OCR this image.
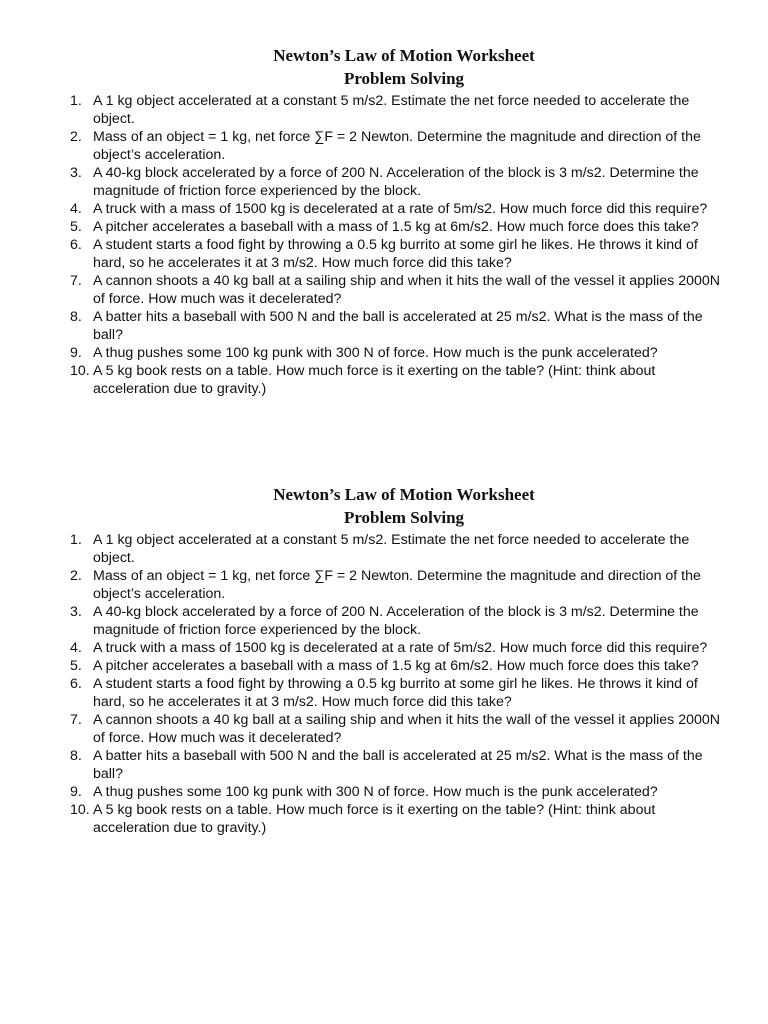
Newton’s Law of Motion Worksheet
Problem Solving
1. A 1 kg object accelerated at a constant 5 m/s2. Estimate the net force needed to accelerate the object.
2. Mass of an object = 1 kg, net force ∑F = 2 Newton. Determine the magnitude and direction of the object’s acceleration.
3. A 40-kg block accelerated by a force of 200 N. Acceleration of the block is 3 m/s2. Determine the magnitude of friction force experienced by the block.
4. A truck with a mass of 1500 kg is decelerated at a rate of 5m/s2. How much force did this require?
5. A pitcher accelerates a baseball with a mass of 1.5 kg at 6m/s2. How much force does this take?
6. A student starts a food fight by throwing a 0.5 kg burrito at some girl he likes. He throws it kind of hard, so he accelerates it at 3 m/s2. How much force did this take?
7. A cannon shoots a 40 kg ball at a sailing ship and when it hits the wall of the vessel it applies 2000N of force. How much was it decelerated?
8. A batter hits a baseball with 500 N and the ball is accelerated at 25 m/s2. What is the mass of the ball?
9. A thug pushes some 100 kg punk with 300 N of force. How much is the punk accelerated?
10. A 5 kg book rests on a table. How much force is it exerting on the table? (Hint: think about acceleration due to gravity.)
Newton’s Law of Motion Worksheet
Problem Solving
1. A 1 kg object accelerated at a constant 5 m/s2. Estimate the net force needed to accelerate the object.
2. Mass of an object = 1 kg, net force ∑F = 2 Newton. Determine the magnitude and direction of the object’s acceleration.
3. A 40-kg block accelerated by a force of 200 N. Acceleration of the block is 3 m/s2. Determine the magnitude of friction force experienced by the block.
4. A truck with a mass of 1500 kg is decelerated at a rate of 5m/s2. How much force did this require?
5. A pitcher accelerates a baseball with a mass of 1.5 kg at 6m/s2. How much force does this take?
6. A student starts a food fight by throwing a 0.5 kg burrito at some girl he likes. He throws it kind of hard, so he accelerates it at 3 m/s2. How much force did this take?
7. A cannon shoots a 40 kg ball at a sailing ship and when it hits the wall of the vessel it applies 2000N of force. How much was it decelerated?
8. A batter hits a baseball with 500 N and the ball is accelerated at 25 m/s2. What is the mass of the ball?
9. A thug pushes some 100 kg punk with 300 N of force. How much is the punk accelerated?
10. A 5 kg book rests on a table. How much force is it exerting on the table? (Hint: think about acceleration due to gravity.)
